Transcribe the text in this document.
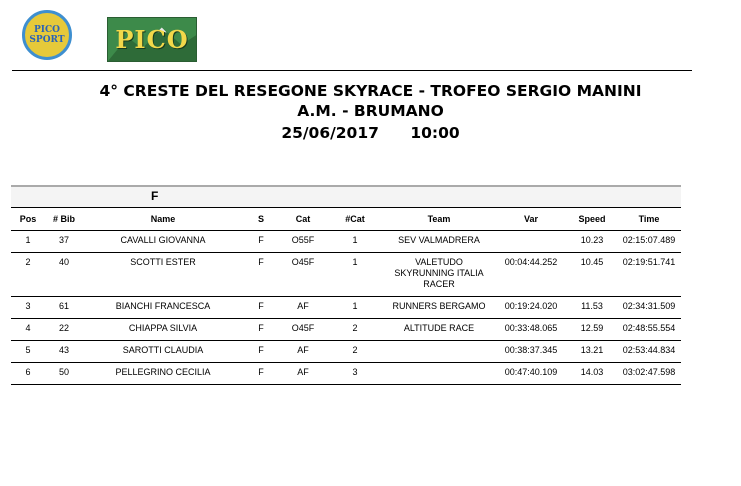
PICO
SPORT PICO
4° CRESTE DEL RESEGONE SKYRACE - TROFEO SERGIO MANINI
A.M. - BRUMANO
25/06/2017 10:00
F
Pos	# Bib	Name	S	Cat	#Cat	Team	Var	Speed	Time
1	37	CAVALLI GIOVANNA	F	O55F	1	SEV VALMADRERA		10.23	02:15:07.489
2	40	SCOTTI ESTER	F	O45F	1	VALETUDO SKYRUNNING ITALIA RACER	00:04:44.252	10.45	02:19:51.741
3	61	BIANCHI FRANCESCA	F	AF	1	RUNNERS BERGAMO	00:19:24.020	11.53	02:34:31.509
4	22	CHIAPPA SILVIA	F	O45F	2	ALTITUDE RACE	00:33:48.065	12.59	02:48:55.554
5	43	SAROTTI CLAUDIA	F	AF	2		00:38:37.345	13.21	02:53:44.834
6	50	PELLEGRINO CECILIA	F	AF	3		00:47:40.109	14.03	03:02:47.598
